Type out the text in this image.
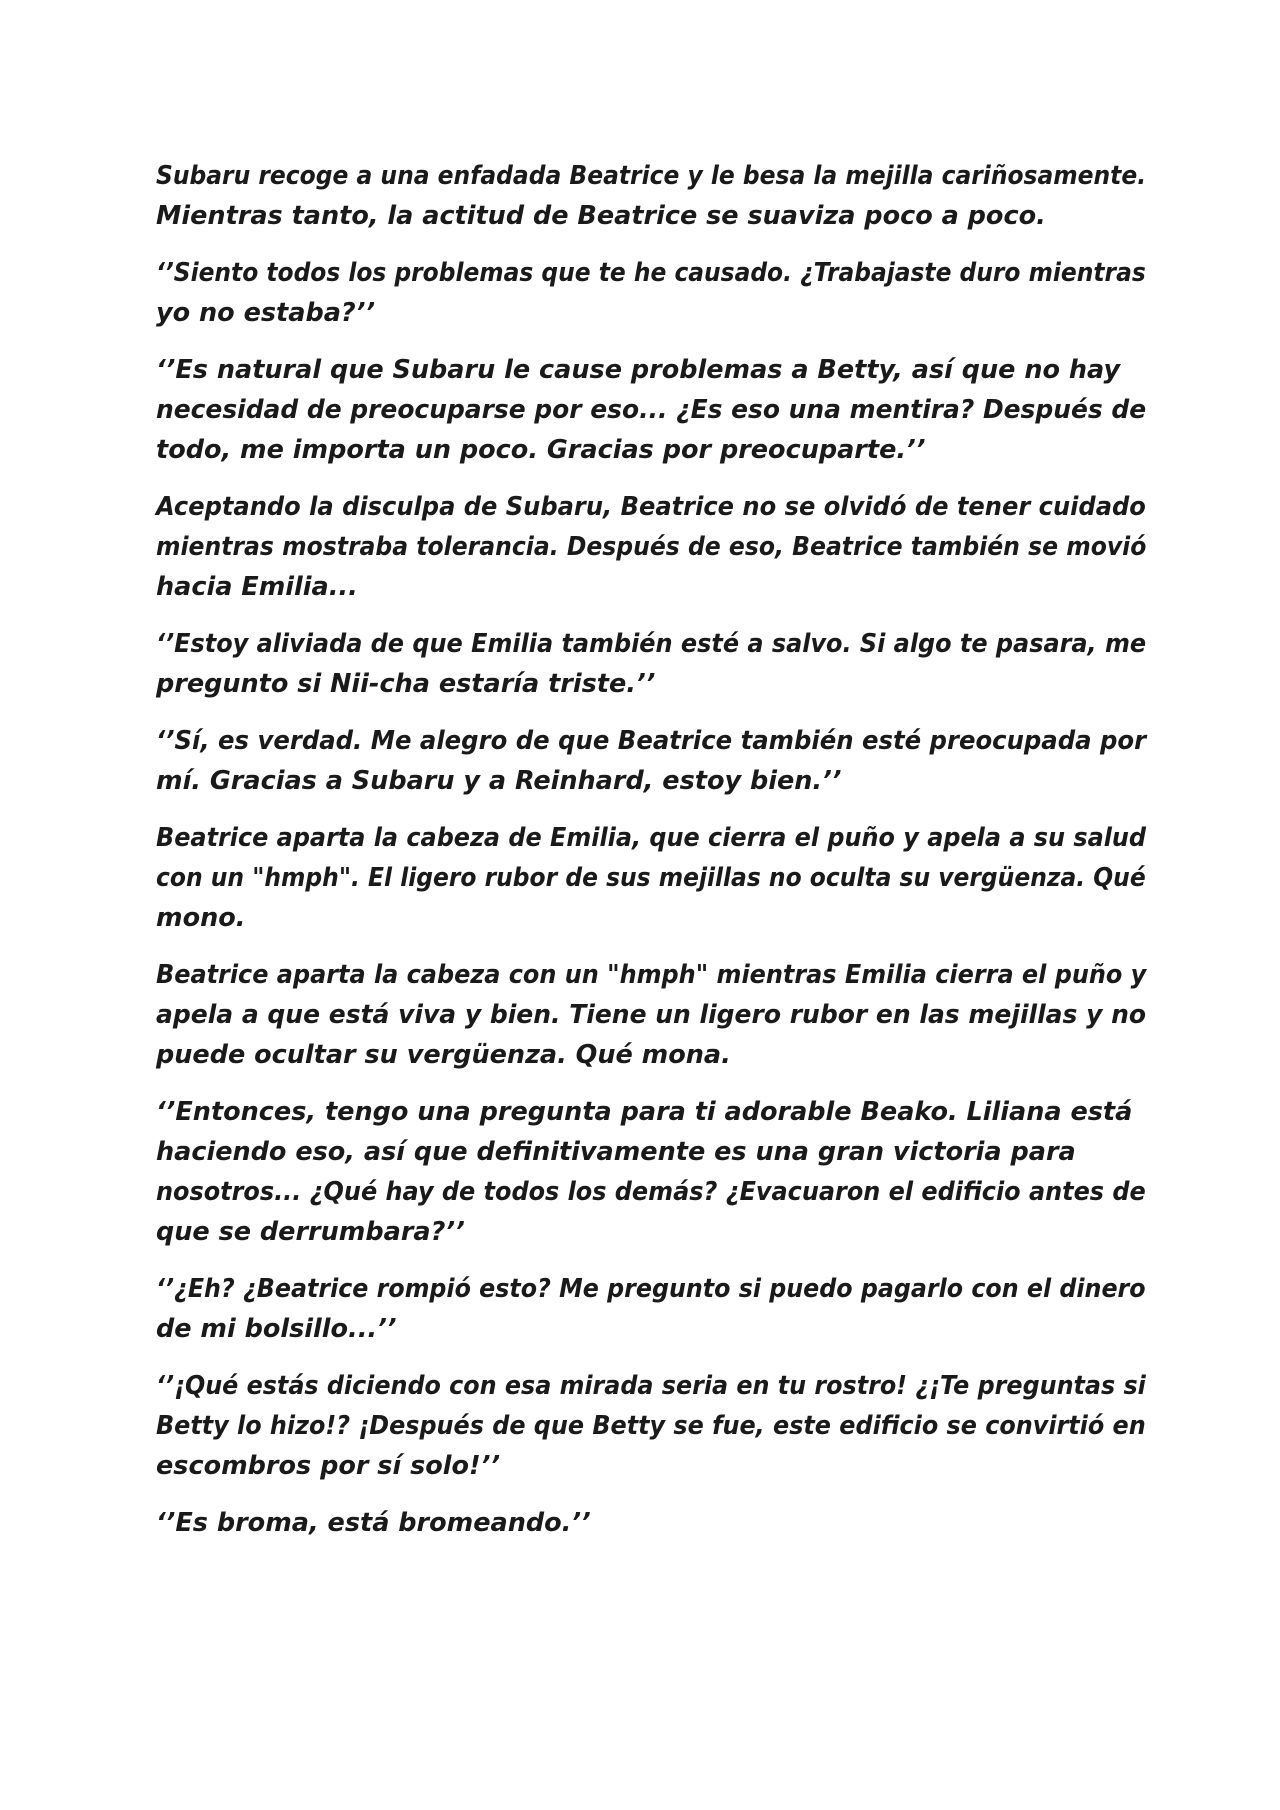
Subaru recoge a una enfadada Beatrice y le besa la mejilla cariñosamente.
Mientras tanto, la actitud de Beatrice se suaviza poco a poco.

‘’Siento todos los problemas que te he causado. ¿Trabajaste duro mientras
yo no estaba?’’

‘’Es natural que Subaru le cause problemas a Betty, así que no hay
necesidad de preocuparse por eso... ¿Es eso una mentira? Después de
todo, me importa un poco. Gracias por preocuparte.’’

Aceptando la disculpa de Subaru, Beatrice no se olvidó de tener cuidado
mientras mostraba tolerancia. Después de eso, Beatrice también se movió
hacia Emilia...

‘’Estoy aliviada de que Emilia también esté a salvo. Si algo te pasara, me
pregunto si Nii-cha estaría triste.’’

‘’Sí, es verdad. Me alegro de que Beatrice también esté preocupada por
mí. Gracias a Subaru y a Reinhard, estoy bien.’’

Beatrice aparta la cabeza de Emilia, que cierra el puño y apela a su salud
con un "hmph". El ligero rubor de sus mejillas no oculta su vergüenza. Qué
mono.

Beatrice aparta la cabeza con un "hmph" mientras Emilia cierra el puño y
apela a que está viva y bien. Tiene un ligero rubor en las mejillas y no
puede ocultar su vergüenza. Qué mona.

‘’Entonces, tengo una pregunta para ti adorable Beako. Liliana está
haciendo eso, así que definitivamente es una gran victoria para
nosotros... ¿Qué hay de todos los demás? ¿Evacuaron el edificio antes de
que se derrumbara?’’

‘’¿Eh? ¿Beatrice rompió esto? Me pregunto si puedo pagarlo con el dinero
de mi bolsillo...’’

‘’¡Qué estás diciendo con esa mirada seria en tu rostro! ¿¡Te preguntas si
Betty lo hizo!? ¡Después de que Betty se fue, este edificio se convirtió en
escombros por sí solo!’’

‘’Es broma, está bromeando.’’
